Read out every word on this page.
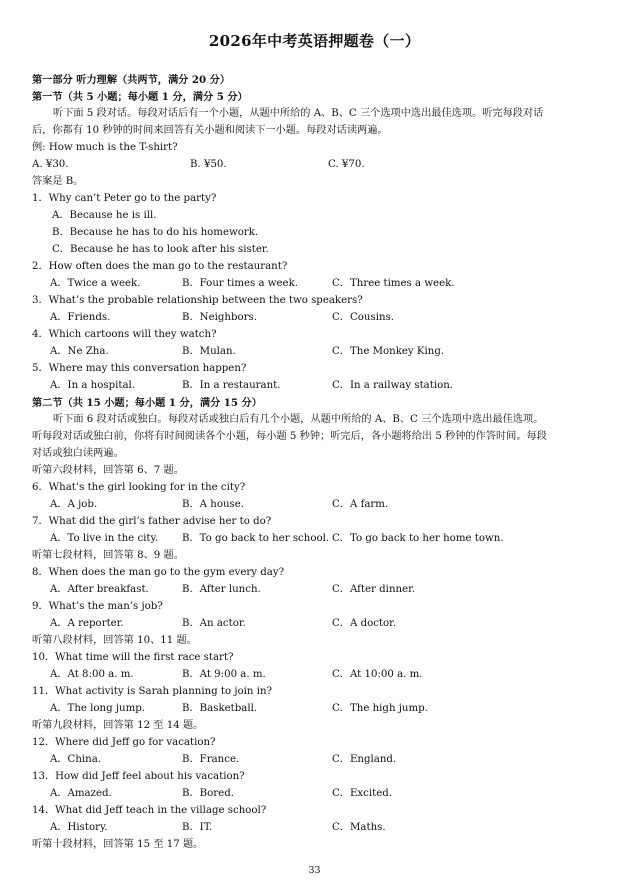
2026年中考英语押题卷（一）
第一部分 听力理解（共两节，满分 20 分）
第一节（共 5 小题；每小题 1 分，满分 5 分）
听下面 5 段对话。每段对话后有一个小题，从题中所给的 A、B、C 三个选项中选出最佳选项。听完每段对话
后，你都有 10 秒钟的时间来回答有关小题和阅读下一小题。每段对话读两遍。
例: How much is the T-shirt?
A. ¥30.	B. ¥50.	C. ¥70.
答案是 B。
1．Why can’t Peter go to the party?
A．Because he is ill.
B．Because he has to do his homework.
C．Because he has to look after his sister.
2．How often does the man go to the restaurant?
A．Twice a week.	B．Four times a week.	C．Three times a week.
3．What’s the probable relationship between the two speakers?
A．Friends.	B．Neighbors.	C．Cousins.
4．Which cartoons will they watch?
A．Ne Zha.	B．Mulan.	C．The Monkey King.
5．Where may this conversation happen?
A．In a hospital.	B．In a restaurant.	C．In a railway station.
第二节（共 15 小题；每小题 1 分，满分 15 分）
听下面 6 段对话或独白。每段对话或独白后有几个小题，从题中所给的 A、B、C 三个选项中选出最佳选项。
听每段对话或独白前，你将有时间阅读各个小题，每小题 5 秒钟；听完后，各小题将给出 5 秒钟的作答时间。每段
对话或独白读两遍。
听第六段材料，回答第 6、7 题。
6．What’s the girl looking for in the city?
A．A job.	B．A house.	C．A farm.
7．What did the girl’s father advise her to do?
A．To live in the city. B．To go back to her school. C．To go back to her home town.
听第七段材料，回答第 8、9 题。
8．When does the man go to the gym every day?
A．After breakfast.	B．After lunch.	C．After dinner.
9．What’s the man’s job?
A．A reporter.	B．An actor.	C．A doctor.
听第八段材料，回答第 10、11 题。
10．What time will the first race start?
A．At 8:00 a. m.	B．At 9:00 a. m.	C．At 10:00 a. m.
11．What activity is Sarah planning to join in?
A．The long jump.	B．Basketball.	C．The high jump.
听第九段材料，回答第 12 至 14 题。
12．Where did Jeff go for vacation?
A．China.	B．France.	C．England.
13．How did Jeff feel about his vacation?
A．Amazed.	B．Bored.	C．Excited.
14．What did Jeff teach in the village school?
A．History.	B．IT.	C．Maths.
听第十段材料，回答第 15 至 17 题。
33
